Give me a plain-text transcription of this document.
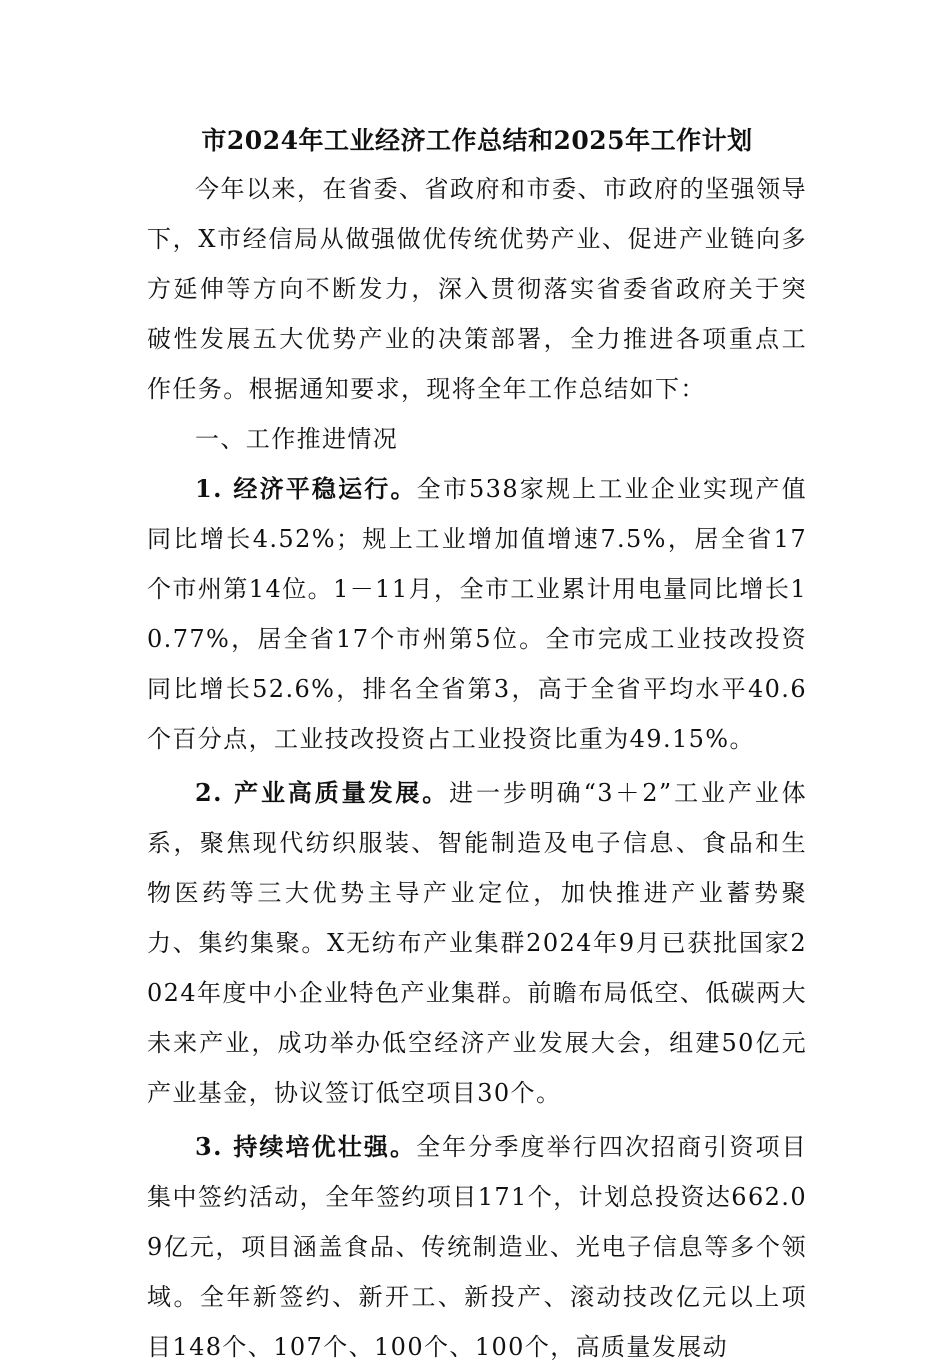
市2024年工业经济工作总结和2025年工作计划

今年以来，在省委、省政府和市委、市政府的坚强领导下，X市经信局从做强做优传统优势产业、促进产业链向多方延伸等方向不断发力，深入贯彻落实省委省政府关于突破性发展五大优势产业的决策部署，全力推进各项重点工作任务。根据通知要求，现将全年工作总结如下：

一、工作推进情况

1. 经济平稳运行。全市538家规上工业企业实现产值同比增长4.52%；规上工业增加值增速7.5%，居全省17个市州第14位。1－11月，全市工业累计用电量同比增长10.77%，居全省17个市州第5位。全市完成工业技改投资同比增长52.6%，排名全省第3，高于全省平均水平40.6个百分点，工业技改投资占工业投资比重为49.15%。

2. 产业高质量发展。进一步明确“3＋2”工业产业体系，聚焦现代纺织服装、智能制造及电子信息、食品和生物医药等三大优势主导产业定位，加快推进产业蓄势聚力、集约集聚。X无纺布产业集群2024年9月已获批国家2024年度中小企业特色产业集群。前瞻布局低空、低碳两大未来产业，成功举办低空经济产业发展大会，组建50亿元产业基金，协议签订低空项目30个。

3. 持续培优壮强。全年分季度举行四次招商引资项目集中签约活动，全年签约项目171个，计划总投资达662.09亿元，项目涵盖食品、传统制造业、光电子信息等多个领域。全年新签约、新开工、新投产、滚动技改亿元以上项目148个、107个、100个、100个，高质量发展动
